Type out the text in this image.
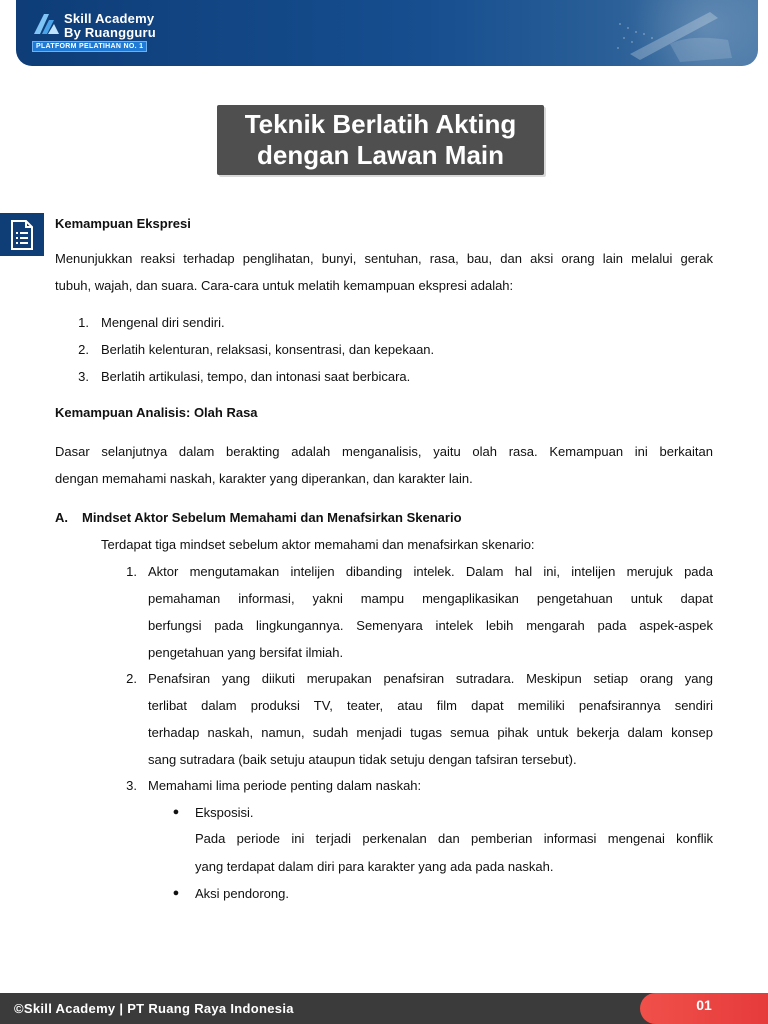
Skill Academy
By Ruangguru
PLATFORM PELATIHAN NO. 1
Teknik Berlatih Akting
dengan Lawan Main
Kemampuan Ekspresi
Menunjukkan reaksi terhadap penglihatan, bunyi, sentuhan, rasa, bau, dan aksi orang lain melalui gerak
tubuh, wajah, dan suara. Cara-cara untuk melatih kemampuan ekspresi adalah:
1. Mengenal diri sendiri.
2. Berlatih kelenturan, relaksasi, konsentrasi, dan kepekaan.
3. Berlatih artikulasi, tempo, dan intonasi saat berbicara.
Kemampuan Analisis: Olah Rasa
Dasar selanjutnya dalam berakting adalah menganalisis, yaitu olah rasa. Kemampuan ini berkaitan
dengan memahami naskah, karakter yang diperankan, dan karakter lain.
A. Mindset Aktor Sebelum Memahami dan Menafsirkan Skenario
Terdapat tiga mindset sebelum aktor memahami dan menafsirkan skenario:
1. Aktor mengutamakan intelijen dibanding intelek. Dalam hal ini, intelijen merujuk pada
pemahaman informasi, yakni mampu mengaplikasikan pengetahuan untuk dapat
berfungsi pada lingkungannya. Semenyara intelek lebih mengarah pada aspek-aspek
pengetahuan yang bersifat ilmiah.
2. Penafsiran yang diikuti merupakan penafsiran sutradara. Meskipun setiap orang yang
terlibat dalam produksi TV, teater, atau film dapat memiliki penafsirannya sendiri
terhadap naskah, namun, sudah menjadi tugas semua pihak untuk bekerja dalam konsep
sang sutradara (baik setuju ataupun tidak setuju dengan tafsiran tersebut).
3. Memahami lima periode penting dalam naskah:
● Eksposisi.
Pada periode ini terjadi perkenalan dan pemberian informasi mengenai konflik
yang terdapat dalam diri para karakter yang ada pada naskah.
● Aksi pendorong.
©Skill Academy | PT Ruang Raya Indonesia	01
